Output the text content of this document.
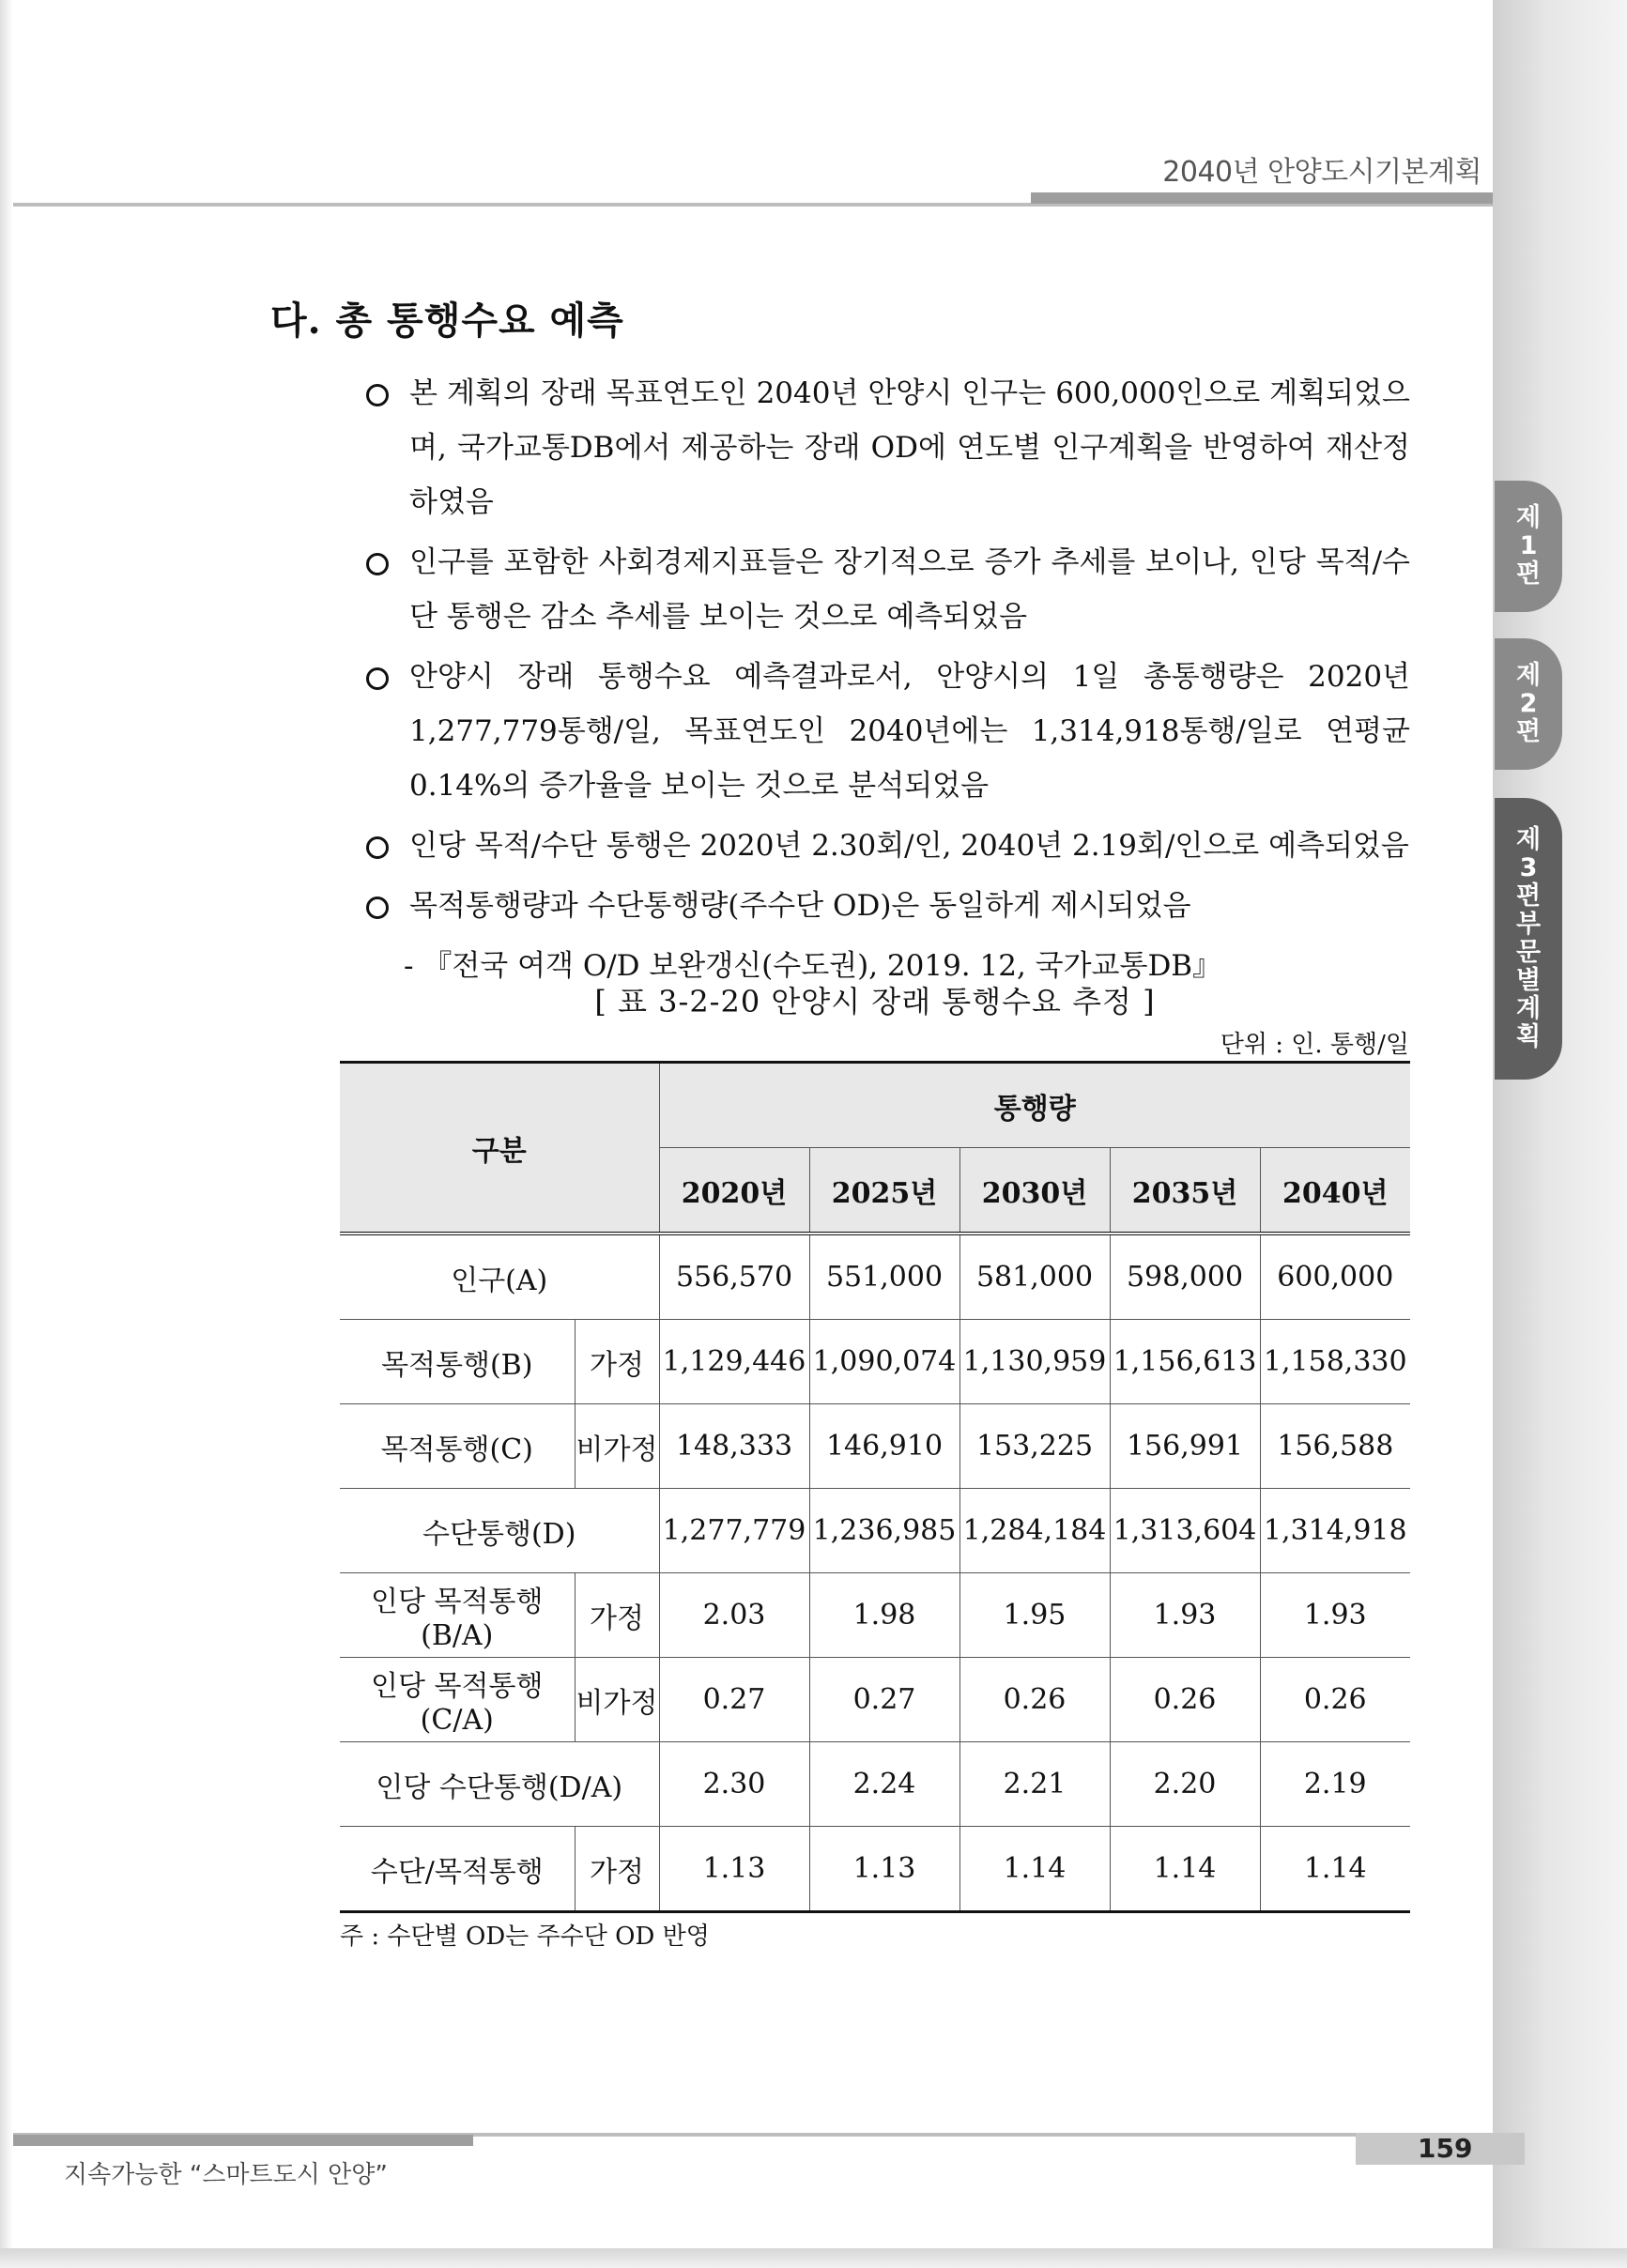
2040년 안양도시기본계획
제1편
제2편
제3편 부문별 계획
다. 총 통행수요 예측
본 계획의 장래 목표연도인 2040년 안양시 인구는 600,000인으로 계획되었으며, 국가교통DB에서 제공하는 장래 OD에 연도별 인구계획을 반영하여 재산정 하였음
인구를 포함한 사회경제지표들은 장기적으로 증가 추세를 보이나, 인당 목적/수단 통행은 감소 추세를 보이는 것으로 예측되었음
안양시 장래 통행수요 예측결과로서, 안양시의 1일 총통행량은 2020년 1,277,779통행/일, 목표연도인 2040년에는 1,314,918통행/일로 연평균 0.14%의 증가율을 보이는 것으로 분석되었음
인당 목적/수단 통행은 2020년 2.30회/인, 2040년 2.19회/인으로 예측되었음
목적통행량과 수단통행량(주수단 OD)은 동일하게 제시되었음
- 『전국 여객 O/D 보완갱신(수도권), 2019. 12, 국가교통DB』
[ 표 3-2-20 안양시 장래 통행수요 추정 ]
단위 : 인. 통행/일
구분		통행량				
		2020년	2025년	2030년	2035년	2040년
인구(A)		556,570	551,000	581,000	598,000	600,000
목적통행(B)	가정	1,129,446	1,090,074	1,130,959	1,156,613	1,158,330
목적통행(C)	비가정	148,333	146,910	153,225	156,991	156,588
수단통행(D)		1,277,779	1,236,985	1,284,184	1,313,604	1,314,918
인당 목적통행(B/A)	가정	2.03	1.98	1.95	1.93	1.93
인당 목적통행(C/A)	비가정	0.27	0.27	0.26	0.26	0.26
인당 수단통행(D/A)		2.30	2.24	2.21	2.20	2.19
수단/목적통행	가정	1.13	1.13	1.14	1.14	1.14
주 : 수단별 OD는 주수단 OD 반영
지속가능한 “스마트도시 안양”
159
